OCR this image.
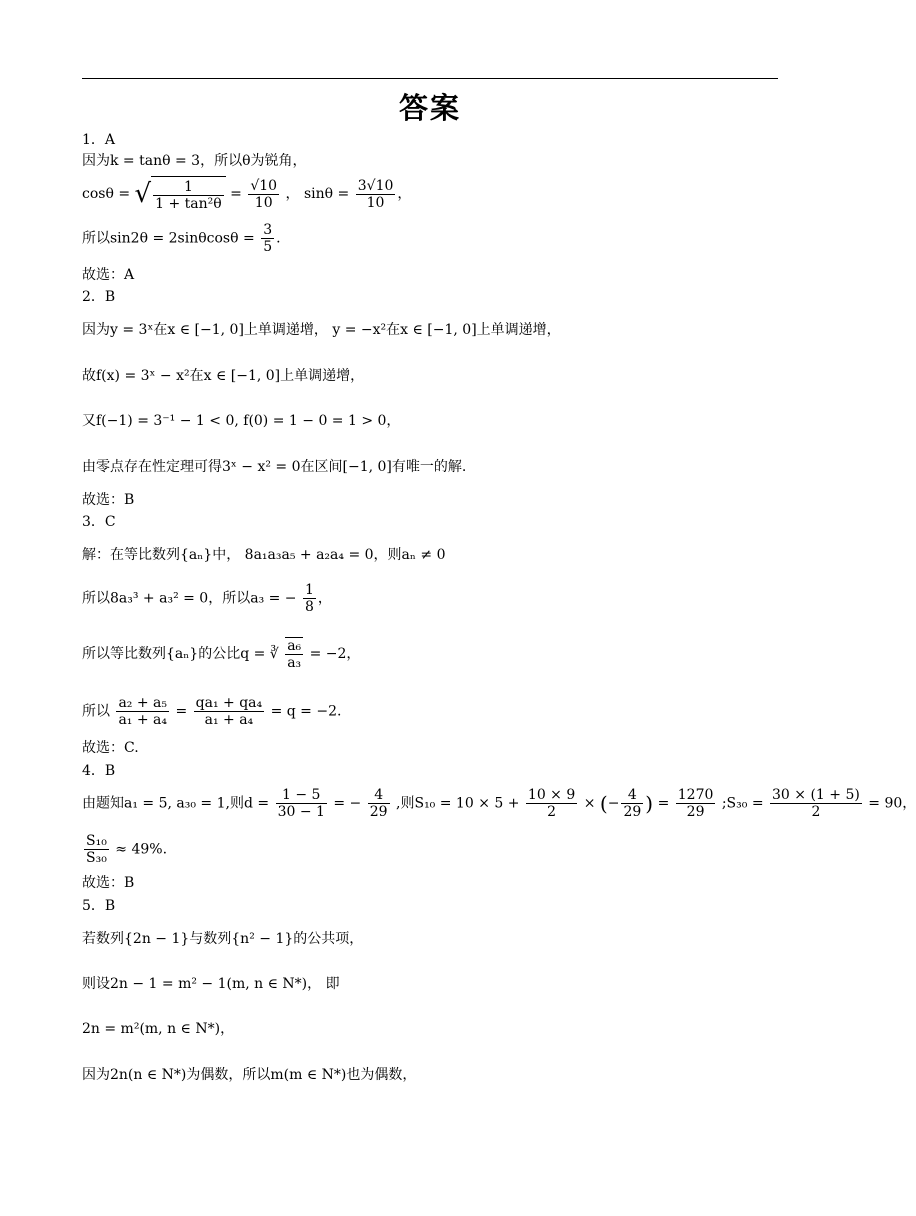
答案
1．A
因为k = tanθ = 3，所以θ为锐角，
cosθ = √ $\frac{1}{\text{1 + tan²θ}} = \frac{√10}{10}$ ， $\sin\theta = \frac{3√10}{10}$ ，
所以$\sin 2\theta = 2\sin\theta\cos\theta = \frac{3}{5}$ .
故选：A
2．B
因为y = 3ˣ在x ∈ [−1, 0]上单调递增， y = −x²在x ∈ [−1, 0]上单调递增，
故f(x) = 3ˣ − x²在x ∈ [−1, 0]上单调递增，
又f(−1) = 3⁻¹ − 1 < 0, f(0) = 1 − 0 = 1 > 0，
由零点存在性定理可得3ˣ − x² = 0在区间[−1, 0]有唯一的解.
故选：B
3．C
解：在等比数列{aₙ}中， 8a₁a₃a₅ + a₂a₄ = 0，则aₙ ≠ 0
所以8a₃³ + a₃² = 0，所以a₃ = − $\frac{1}{8}$ ，
所以等比数列{aₙ}的公比q = ∛ $\frac{\text{a₆}}{\text{a₃}} = -2$，
所以 $\frac{\text{a₂ + a₅}}{\text{a₁ + a₄}} = \frac{\text{qa₁ + qa₄}}{\text{a₁ + a₄}} = q = -2$.
故选：C.
4．B
由题知a₁ = 5, a₃₀ = 1,则$d = \frac{1 - 5}{30 - 1}$ = − $\frac{4}{29}$ ,则$S_{10} = 10 \times 5 + \frac{10 \times 9}{2}$ × (− $\frac{4}{29}$ ) = $\frac{1270}{29}$ ;S₃₀ = $\frac{30 \times (1 + 5)}{2} = 90$，
$\frac{\text{S₁₀}}{\text{S₃₀}} \approx 49\%$.
故选：B
5．B
若数列{2n − 1}与数列{n² − 1}的公共项，
则设2n − 1 = m² − 1(m, n ∈ N*)， 即
2n = m²(m, n ∈ N*)，
因为2n(n ∈ N*)为偶数，所以m(m ∈ N*)也为偶数，
